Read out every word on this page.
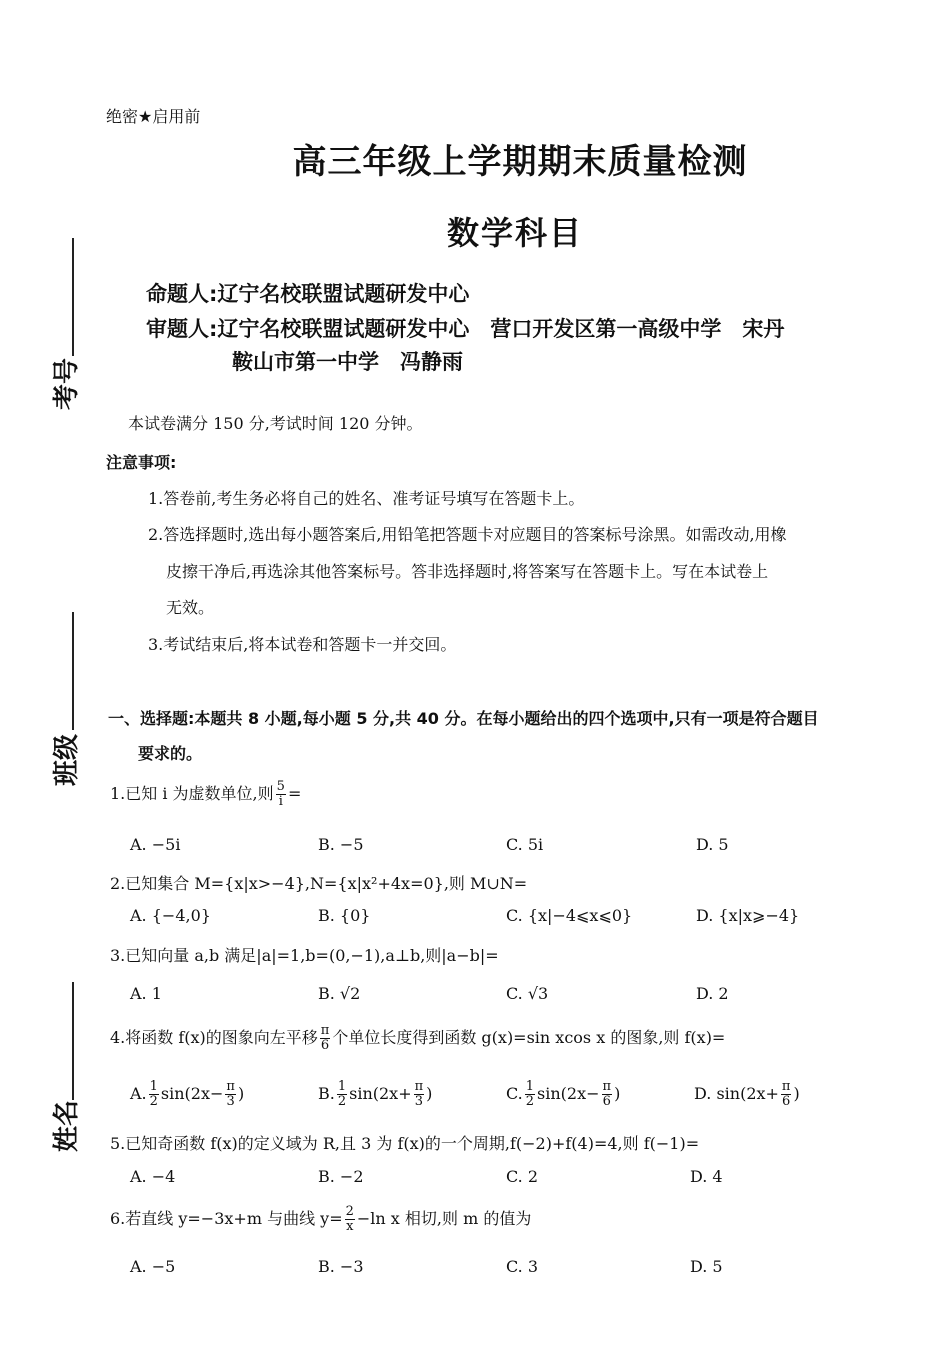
考号
班级
姓名
绝密★启用前
高三年级上学期期末质量检测
数学科目
命题人:辽宁名校联盟试题研发中心
审题人:辽宁名校联盟试题研发中心　营口开发区第一高级中学　宋丹
鞍山市第一中学　冯静雨
本试卷满分 150 分,考试时间 120 分钟。
注意事项:
1.答卷前,考生务必将自己的姓名、准考证号填写在答题卡上。
2.答选择题时,选出每小题答案后,用铅笔把答题卡对应题目的答案标号涂黑。如需改动,用橡
皮擦干净后,再选涂其他答案标号。答非选择题时,将答案写在答题卡上。写在本试卷上
无效。
3.考试结束后,将本试卷和答题卡一并交回。
一、选择题:本题共 8 小题,每小题 5 分,共 40 分。在每小题给出的四个选项中,只有一项是符合题目
要求的。
1.已知 i 为虚数单位,则 $\frac{5}{i}$ =
A. −5i	B. −5	C. 5i	D. 5
2.已知集合 M={x|x>−4},N={x|x²+4x=0},则 M∪N=
A. {−4,0}	B. {0}	C. {x|−4⩽x⩽0}	D. {x|x⩾−4}
3.已知向量 a,b 满足|a|=1,b=(0,−1),a⊥b,则|a−b|=
A. 1	B. √2	C. √3	D. 2
4.将函数 f(x)的图象向左平移 $\frac{\pi}{6}$ 个单位长度得到函数 g(x)=sin xcos x 的图象,则 f(x)=
A. $\frac{1}{2} \sin(2x- \frac{\pi}{3}$ )	B. $\frac{1}{2} \sin(2x+ \frac{\pi}{3}$ )	C. $\frac{1}{2} \sin(2x- \frac{\pi}{6}$ )	D. $\sin(2x+ \frac{\pi}{6}$ )
5.已知奇函数 f(x)的定义域为 R,且 3 为 f(x)的一个周期,f(−2)+f(4)=4,则 f(−1)=
A. −4	B. −2	C. 2	D. 4
6.若直线 y=−3x+m 与曲线 $y= \frac{2}{x} -\ln$ x 相切,则 m 的值为
A. −5	B. −3	C. 3	D. 5
